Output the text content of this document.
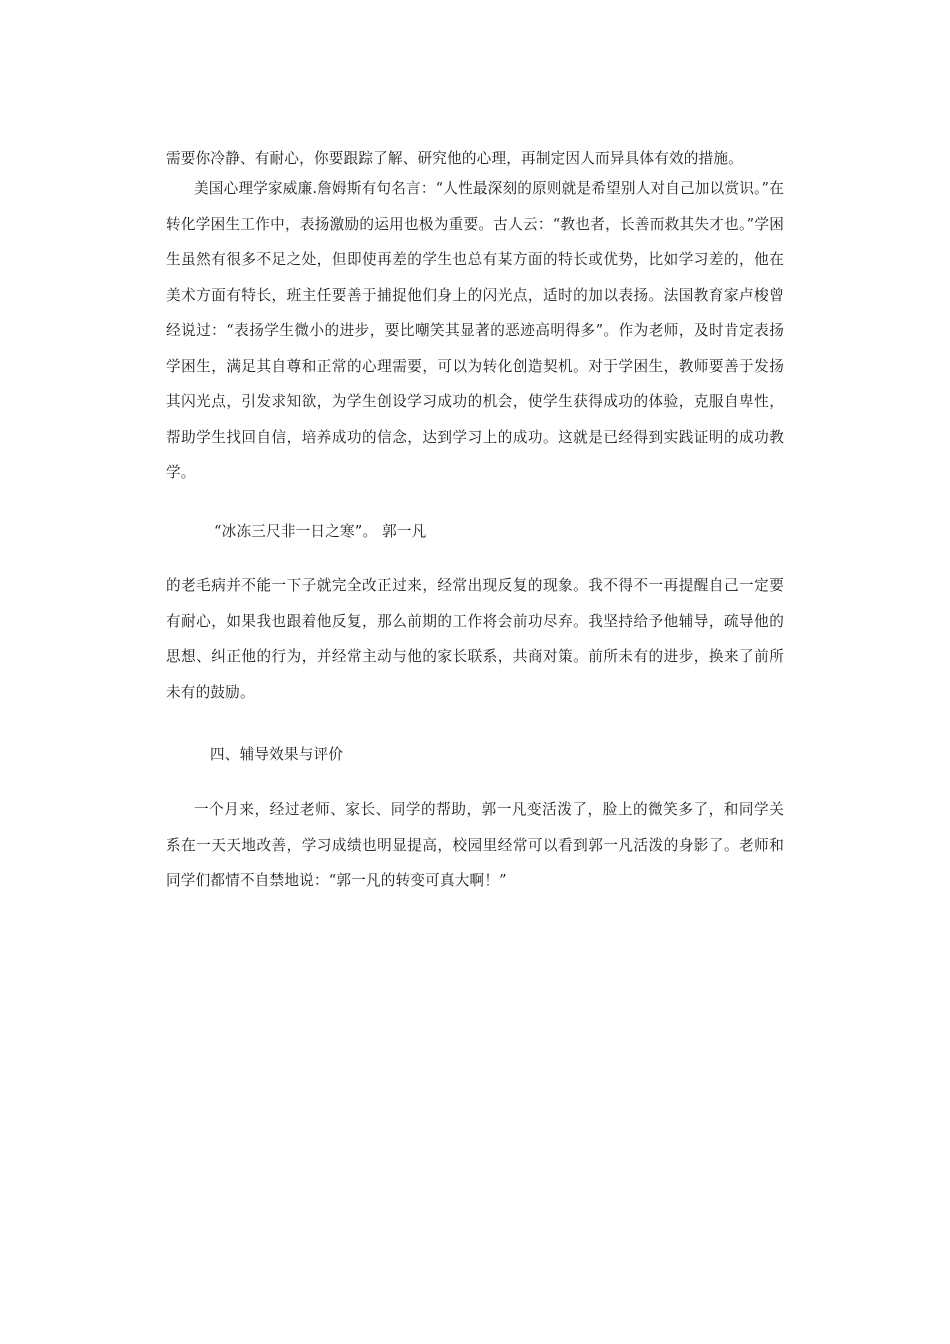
需要你冷静、有耐心，你要跟踪了解、研究他的心理，再制定因人而异具体有效的措施。

美国心理学家威廉.詹姆斯有句名言：“人性最深刻的原则就是希望别人对自己加以赏识。”在转化学困生工作中，表扬激励的运用也极为重要。古人云：“教也者，长善而救其失才也。”学困生虽然有很多不足之处，但即使再差的学生也总有某方面的特长或优势，比如学习差的，他在美术方面有特长，班主任要善于捕捉他们身上的闪光点，适时的加以表扬。法国教育家卢梭曾经说过：“表扬学生微小的进步，要比嘲笑其显著的恶迹高明得多”。作为老师，及时肯定表扬学困生，满足其自尊和正常的心理需要，可以为转化创造契机。对于学困生，教师要善于发扬其闪光点，引发求知欲，为学生创设学习成功的机会，使学生获得成功的体验，克服自卑性，帮助学生找回自信，培养成功的信念，达到学习上的成功。这就是已经得到实践证明的成功教学。

“冰冻三尺非一日之寒”。 郭一凡

的老毛病并不能一下子就完全改正过来，经常出现反复的现象。我不得不一再提醒自己一定要有耐心，如果我也跟着他反复，那么前期的工作将会前功尽弃。我坚持给予他辅导，疏导他的思想、纠正他的行为，并经常主动与他的家长联系，共商对策。前所未有的进步，换来了前所未有的鼓励。

四、辅导效果与评价

一个月来，经过老师、家长、同学的帮助，郭一凡变活泼了，脸上的微笑多了，和同学关系在一天天地改善，学习成绩也明显提高，校园里经常可以看到郭一凡活泼的身影了。老师和同学们都情不自禁地说：“郭一凡的转变可真大啊！”
